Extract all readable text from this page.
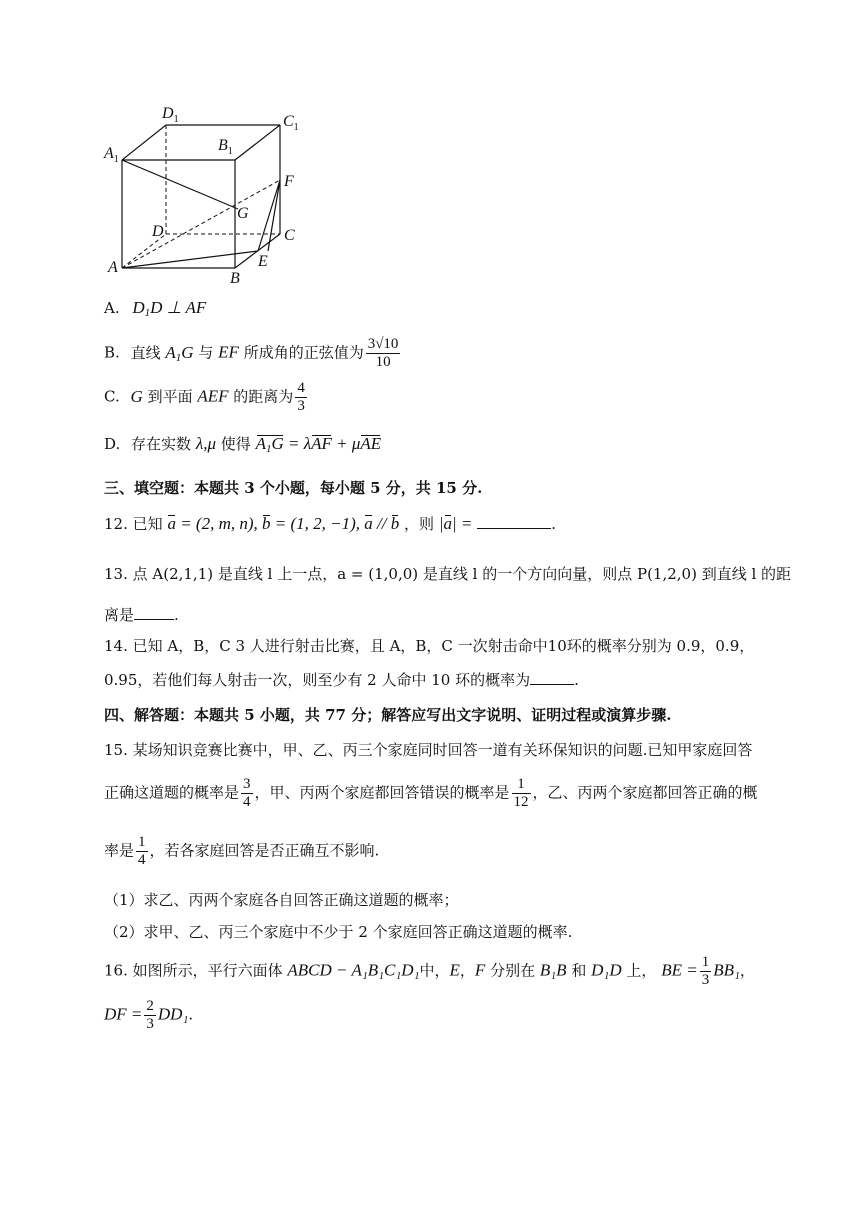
$A_1$
$D_1$
$B_1$
$C_1$
F
G
D	C
E
A
B
A. $D_1D$ ⊥ AF
B. 直线 $A_1G$ 与 EF 所成角的正弦值为 $\frac{3√10}{10}$
C. G 到平面 AEF 的距离为 $\frac{4}{3}$
D. 存在实数 λ,μ 使得 $A_1G = \lambda AF + \mu AE$
三、填空题：本题共 3 个小题，每小题 5 分，共 15 分.
12. 已知 a = (2, m, n), b = (1, 2, −1), a // b ，则 |a| =	.
13. 点 A(2,1,1) 是直线 l 上一点，a = (1,0,0) 是直线 l 的一个方向向量，则点 P(1,2,0) 到直线 l 的距
离是	.
14. 已知 A，B，C 3 人进行射击比赛，且 A，B，C 一次射击命中10环的概率分别为 0.9，0.9，
0.95，若他们每人射击一次，则至少有 2 人命中 10 环的概率为	.
四、解答题：本题共 5 小题，共 77 分；解答应写出文字说明、证明过程或演算步骤.
15. 某场知识竞赛比赛中，甲、乙、丙三个家庭同时回答一道有关环保知识的问题.已知甲家庭回答
正确这道题的概率是 $\frac{3}{4}$ ，甲、丙两个家庭都回答错误的概率是 $\frac{1}{12}$ ，乙、丙两个家庭都回答正确的概
率是 $\frac{1}{4}$ ，若各家庭回答是否正确互不影响.
（1）求乙、丙两个家庭各自回答正确这道题的概率；
（2）求甲、乙、丙三个家庭中不少于 2 个家庭回答正确这道题的概率.
16. 如图所示，平行六面体 ABCD − A₁B₁C₁D₁中，E，F 分别在 B₁B 和 D₁D 上， BE = $\frac{1}{3} BB_1$，
DF = $\frac{2}{3} DD_1$.
